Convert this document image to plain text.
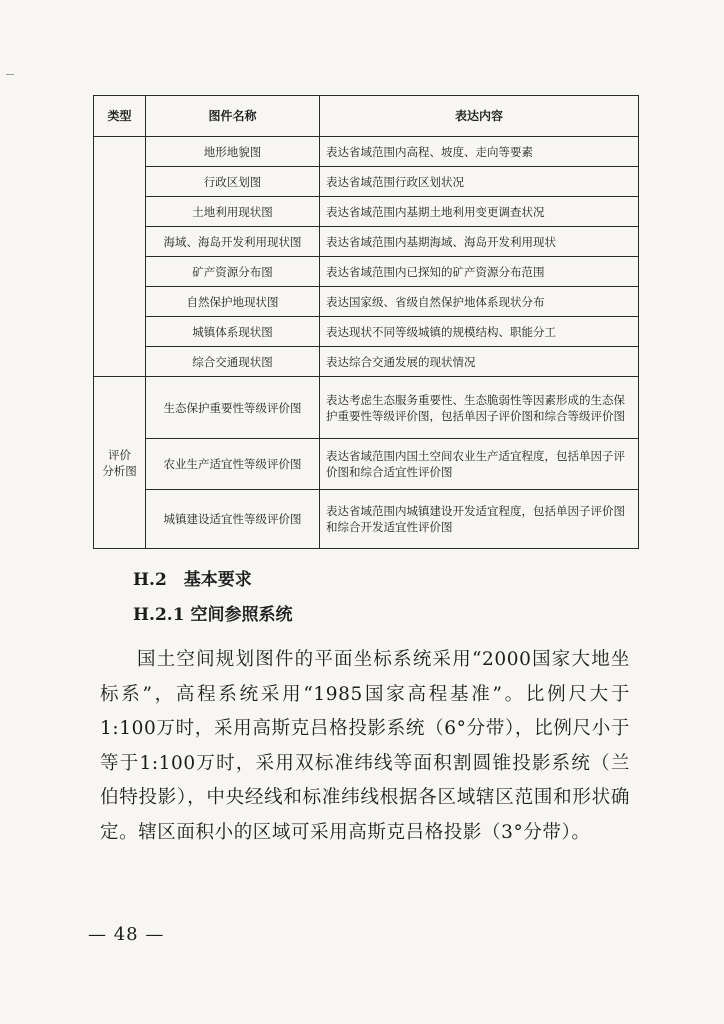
类型	图件名称	表达内容
	地形地貌图	表达省域范围内高程、坡度、走向等要素
	行政区划图	表达省域范围行政区划状况
	土地利用现状图	表达省域范围内基期土地利用变更调查状况
	海域、海岛开发利用现状图	表达省域范围内基期海域、海岛开发利用现状
	矿产资源分布图	表达省域范围内已探知的矿产资源分布范围
	自然保护地现状图	表达国家级、省级自然保护地体系现状分布
	城镇体系现状图	表达现状不同等级城镇的规模结构、职能分工
	综合交通现状图	表达综合交通发展的现状情况

评价
分析图	生态保护重要性等级评价图	表达考虑生态服务重要性、生态脆弱性等因素形成的生态保护重要性等级评价图，包括单因子评价图和综合等级评价图
	农业生产适宜性等级评价图	表达省域范围内国土空间农业生产适宜程度，包括单因子评价图和综合适宜性评价图
	城镇建设适宜性等级评价图	表达省域范围内城镇建设开发适宜程度，包括单因子评价图和综合开发适宜性评价图
H.2　基本要求
H.2.1 空间参照系统

国土空间规划图件的平面坐标系统采用“2000国家大地坐标系”，高程系统采用“1985国家高程基准”。比例尺大于1:100万时，采用高斯克吕格投影系统（6°分带），比例尺小于等于1:100万时，采用双标准纬线等面积割圆锥投影系统（兰伯特投影），中央经线和标准纬线根据各区域辖区范围和形状确定。辖区面积小的区域可采用高斯克吕格投影（3°分带）。

— 48 —
